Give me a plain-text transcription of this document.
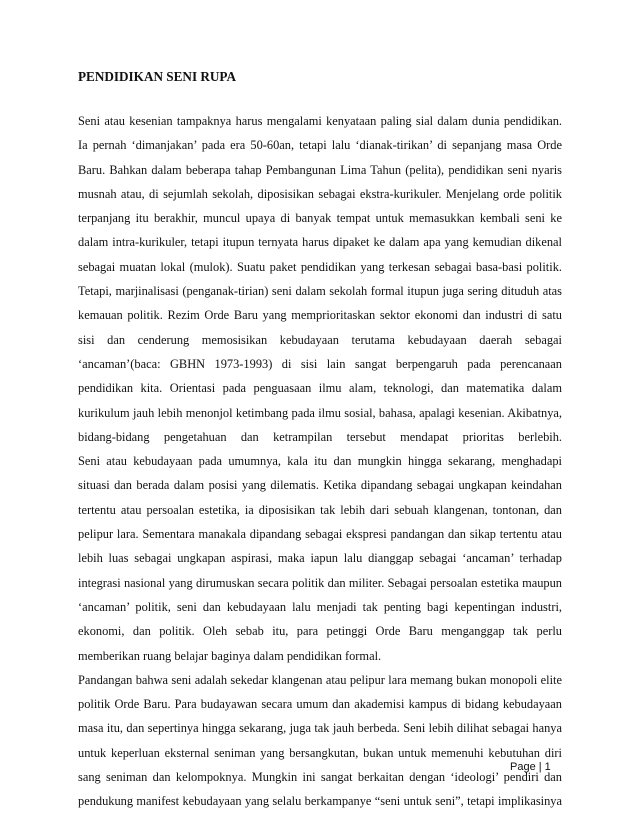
PENDIDIKAN SENI RUPA
Seni atau kesenian tampaknya harus mengalami kenyataan paling sial dalam dunia pendidikan.
Ia pernah ‘dimanjakan’ pada era 50-60an, tetapi lalu ‘dianak-tirikan’ di sepanjang masa Orde
Baru. Bahkan dalam beberapa tahap Pembangunan Lima Tahun (pelita), pendidikan seni nyaris
musnah atau, di sejumlah sekolah, diposisikan sebagai ekstra-kurikuler. Menjelang orde politik
terpanjang itu berakhir, muncul upaya di banyak tempat untuk memasukkan kembali seni ke
dalam intra-kurikuler, tetapi itupun ternyata harus dipaket ke dalam apa yang kemudian dikenal
sebagai muatan lokal (mulok). Suatu paket pendidikan yang terkesan sebagai basa-basi politik.
Tetapi, marjinalisasi (penganak-tirian) seni dalam sekolah formal itupun juga sering dituduh atas
kemauan politik. Rezim Orde Baru yang memprioritaskan sektor ekonomi dan industri di satu
sisi dan cenderung memosisikan kebudayaan terutama kebudayaan daerah sebagai
‘ancaman’(baca: GBHN 1973-1993) di sisi lain sangat berpengaruh pada perencanaan
pendidikan kita. Orientasi pada penguasaan ilmu alam, teknologi, dan matematika dalam
kurikulum jauh lebih menonjol ketimbang pada ilmu sosial, bahasa, apalagi kesenian. Akibatnya,
bidang-bidang pengetahuan dan ketrampilan tersebut mendapat prioritas berlebih.
Seni atau kebudayaan pada umumnya, kala itu dan mungkin hingga sekarang, menghadapi
situasi dan berada dalam posisi yang dilematis. Ketika dipandang sebagai ungkapan keindahan
tertentu atau persoalan estetika, ia diposisikan tak lebih dari sebuah klangenan, tontonan, dan
pelipur lara. Sementara manakala dipandang sebagai ekspresi pandangan dan sikap tertentu atau
lebih luas sebagai ungkapan aspirasi, maka iapun lalu dianggap sebagai ‘ancaman’ terhadap
integrasi nasional yang dirumuskan secara politik dan militer. Sebagai persoalan estetika maupun
‘ancaman’ politik, seni dan kebudayaan lalu menjadi tak penting bagi kepentingan industri,
ekonomi, dan politik. Oleh sebab itu, para petinggi Orde Baru menganggap tak perlu
memberikan ruang belajar baginya dalam pendidikan formal.
Pandangan bahwa seni adalah sekedar klangenan atau pelipur lara memang bukan monopoli elite
politik Orde Baru. Para budayawan secara umum dan akademisi kampus di bidang kebudayaan
masa itu, dan sepertinya hingga sekarang, juga tak jauh berbeda. Seni lebih dilihat sebagai hanya
untuk keperluan eksternal seniman yang bersangkutan, bukan untuk memenuhi kebutuhan diri
sang seniman dan kelompoknya. Mungkin ini sangat berkaitan dengan ‘ideologi’ pendiri dan
pendukung manifest kebudayaan yang selalu berkampanye “seni untuk seni”, tetapi implikasinya
Page | 1
